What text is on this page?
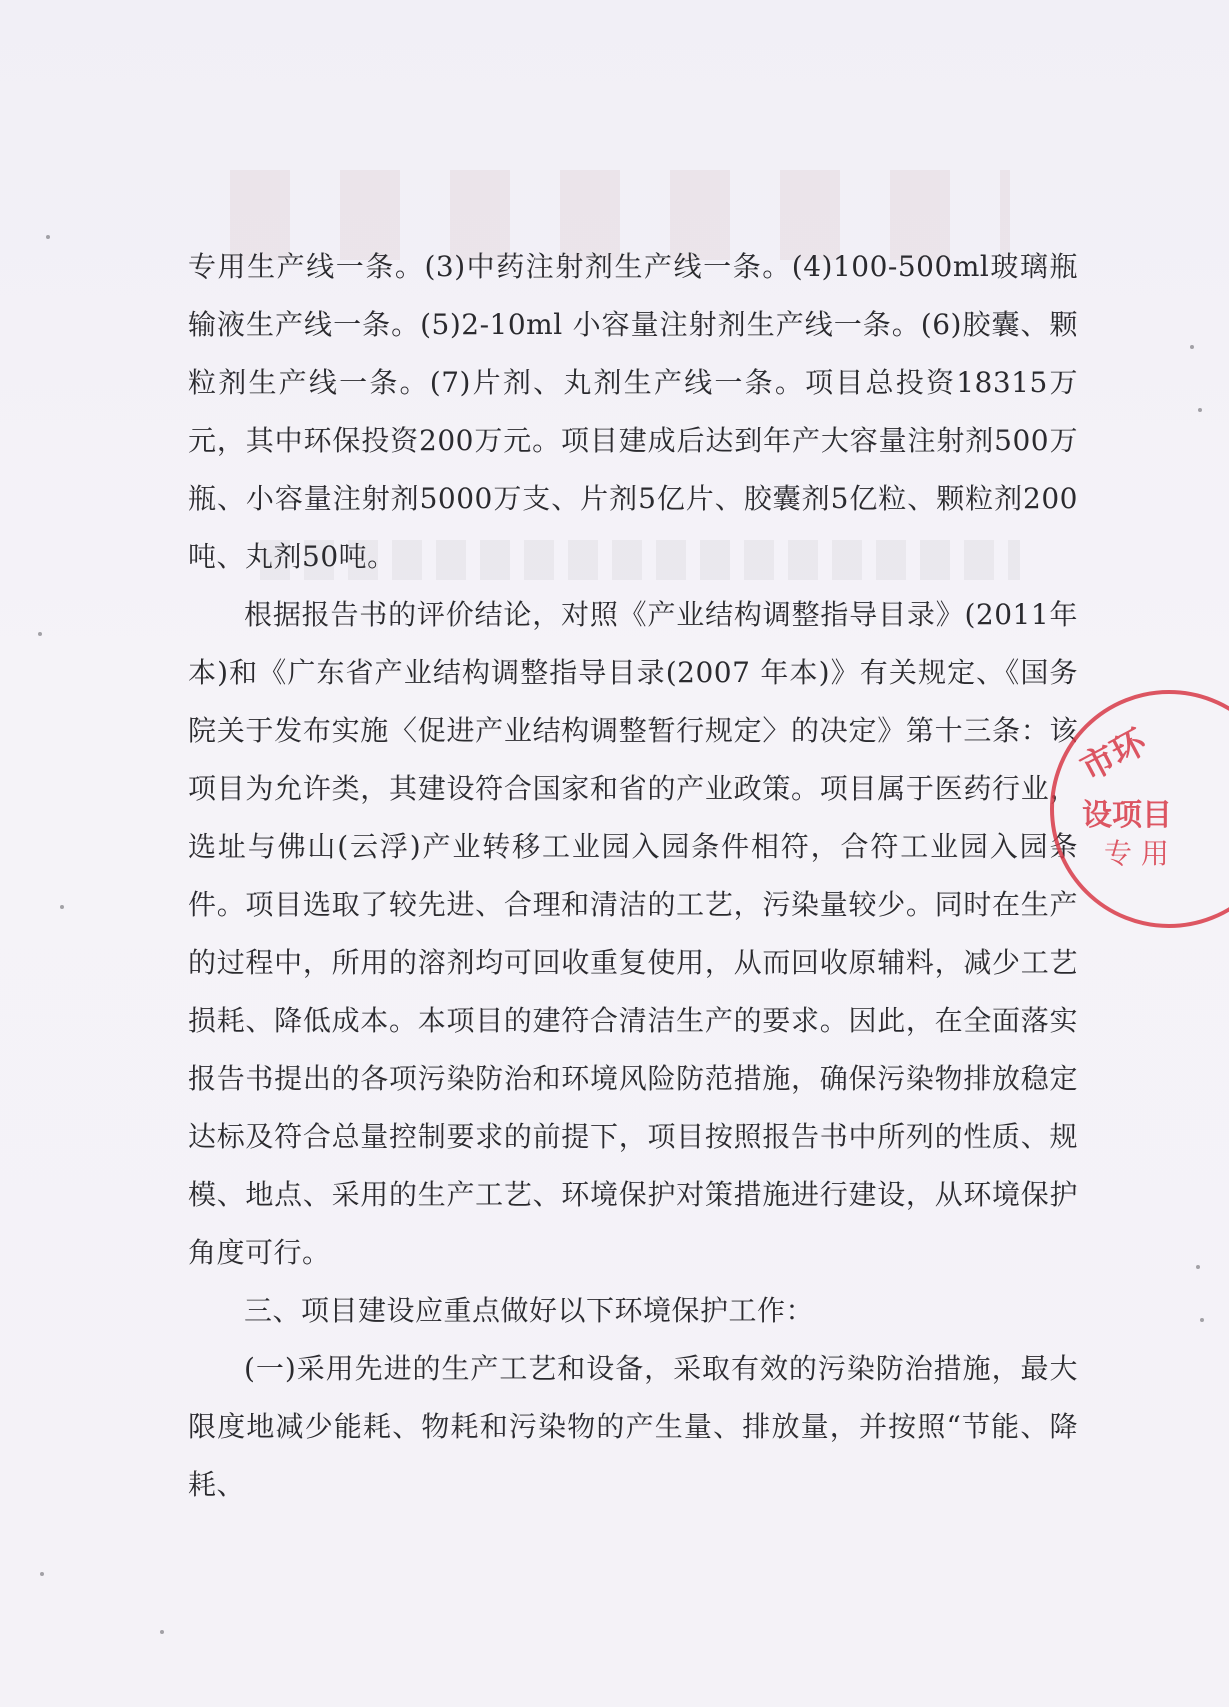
专用生产线一条。(3)中药注射剂生产线一条。(4)100-500ml玻璃瓶输液生产线一条。(5)2-10ml 小容量注射剂生产线一条。(6)胶囊、颗粒剂生产线一条。(7)片剂、丸剂生产线一条。项目总投资18315万元，其中环保投资200万元。项目建成后达到年产大容量注射剂500万瓶、小容量注射剂5000万支、片剂5亿片、胶囊剂5亿粒、颗粒剂200吨、丸剂50吨。

根据报告书的评价结论，对照《产业结构调整指导目录》(2011年本)和《广东省产业结构调整指导目录(2007 年本)》有关规定、《国务院关于发布实施〈促进产业结构调整暂行规定〉的决定》第十三条：该项目为允许类，其建设符合国家和省的产业政策。项目属于医药行业，选址与佛山(云浮)产业转移工业园入园条件相符，合符工业园入园条件。项目选取了较先进、合理和清洁的工艺，污染量较少。同时在生产的过程中，所用的溶剂均可回收重复使用，从而回收原辅料，减少工艺损耗、降低成本。本项目的建符合清洁生产的要求。因此，在全面落实报告书提出的各项污染防治和环境风险防范措施，确保污染物排放稳定达标及符合总量控制要求的前提下，项目按照报告书中所列的性质、规模、地点、采用的生产工艺、环境保护对策措施进行建设，从环境保护角度可行。

三、项目建设应重点做好以下环境保护工作：

(一)采用先进的生产工艺和设备，采取有效的污染防治措施，最大限度地减少能耗、物耗和污染物的产生量、排放量，并按照“节能、降耗、

市环
设项目
专 用
